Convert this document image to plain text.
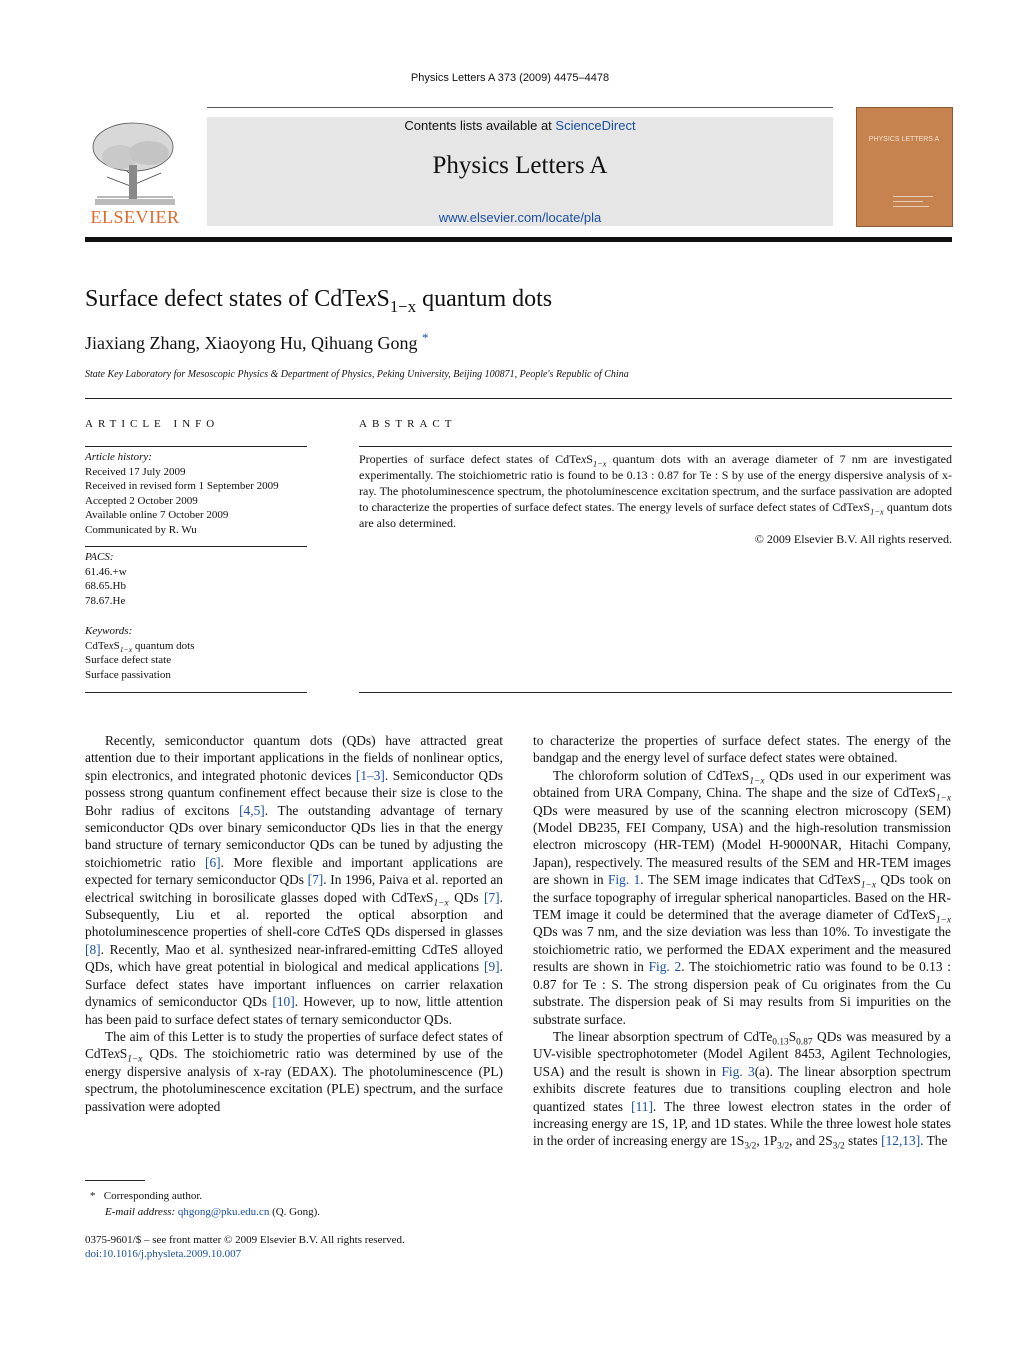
Physics Letters A 373 (2009) 4475–4478
Contents lists available at ScienceDirect
Physics Letters A
www.elsevier.com/locate/pla
ELSEVIER
PHYSICS LETTERS A
Surface defect states of CdTexS$_{1-x}$ quantum dots
Jiaxiang Zhang, Xiaoyong Hu, Qihuang Gong *
State Key Laboratory for Mesoscopic Physics & Department of Physics, Peking University, Beijing 100871, People's Republic of China
ARTICLE INFO
Article history:
Received 17 July 2009
Received in revised form 1 September 2009
Accepted 2 October 2009
Available online 7 October 2009
Communicated by R. Wu
PACS:
61.46.+w
68.65.Hb
78.67.He
Keywords:
CdTexS$_{1-x}$ quantum dots
Surface defect state
Surface passivation
ABSTRACT
Properties of surface defect states of CdTexS$_{1-x}$ quantum dots with an average diameter of 7 nm are investigated experimentally. The stoichiometric ratio is found to be 0.13 : 0.87 for Te : S by use of the energy dispersive analysis of x-ray. The photoluminescence spectrum, the photoluminescence excitation spectrum, and the surface passivation are adopted to characterize the properties of surface defect states. The energy levels of surface defect states of CdTexS$_{1-x}$ quantum dots are also determined.
© 2009 Elsevier B.V. All rights reserved.

Recently, semiconductor quantum dots (QDs) have attracted great attention due to their important applications in the fields of nonlinear optics, spin electronics, and integrated photonic devices [1–3]. Semiconductor QDs possess strong quantum confinement effect because their size is close to the Bohr radius of excitons [4,5]. The outstanding advantage of ternary semiconductor QDs over binary semiconductor QDs lies in that the energy band structure of ternary semiconductor QDs can be tuned by adjusting the stoichiometric ratio [6]. More flexible and important applications are expected for ternary semiconductor QDs [7]. In 1996, Paiva et al. reported an electrical switching in borosilicate glasses doped with CdTexS$_{1-x}$ QDs [7]. Subsequently, Liu et al. reported the optical absorption and photoluminescence properties of shell-core CdTeS QDs dispersed in glasses [8]. Recently, Mao et al. synthesized near-infrared-emitting CdTeS alloyed QDs, which have great potential in biological and medical applications [9]. Surface defect states have important influences on carrier relaxation dynamics of semiconductor QDs [10]. However, up to now, little attention has been paid to surface defect states of ternary semiconductor QDs.

The aim of this Letter is to study the properties of surface defect states of CdTexS$_{1-x}$ QDs. The stoichiometric ratio was determined by use of the energy dispersive analysis of x-ray (EDAX). The photoluminescence (PL) spectrum, the photoluminescence excitation (PLE) spectrum, and the surface passivation were adopted

to characterize the properties of surface defect states. The energy of the bandgap and the energy level of surface defect states were obtained.

The chloroform solution of CdTexS$_{1-x}$ QDs used in our experiment was obtained from URA Company, China. The shape and the size of CdTexS$_{1-x}$ QDs were measured by use of the scanning electron microscopy (SEM) (Model DB235, FEI Company, USA) and the high-resolution transmission electron microscopy (HR-TEM) (Model H-9000NAR, Hitachi Company, Japan), respectively. The measured results of the SEM and HR-TEM images are shown in Fig. 1. The SEM image indicates that CdTexS$_{1-x}$ QDs took on the surface topography of irregular spherical nanoparticles. Based on the HR-TEM image it could be determined that the average diameter of CdTexS$_{1-x}$ QDs was 7 nm, and the size deviation was less than 10%. To investigate the stoichiometric ratio, we performed the EDAX experiment and the measured results are shown in Fig. 2. The stoichiometric ratio was found to be 0.13 : 0.87 for Te : S. The strong dispersion peak of Cu originates from the Cu substrate. The dispersion peak of Si may results from Si impurities on the substrate surface.

The linear absorption spectrum of $CdTe_{0.13}S_{0.87}$ QDs was measured by a UV-visible spectrophotometer (Model Agilent 8453, Agilent Technologies, USA) and the result is shown in Fig. 3(a). The linear absorption spectrum exhibits discrete features due to transitions coupling electron and hole quantized states [11]. The three lowest electron states in the order of increasing energy are 1S, 1P, and 1D states. While the three lowest hole states in the order of increasing energy are $1S_{3/2}$, $1P_{3/2}$, and $2S_{3/2}$ states [12,13]. The

* Corresponding author.
E-mail address: qhgong@pku.edu.cn (Q. Gong).
0375-9601/$ – see front matter © 2009 Elsevier B.V. All rights reserved.
doi:10.1016/j.physleta.2009.10.007
